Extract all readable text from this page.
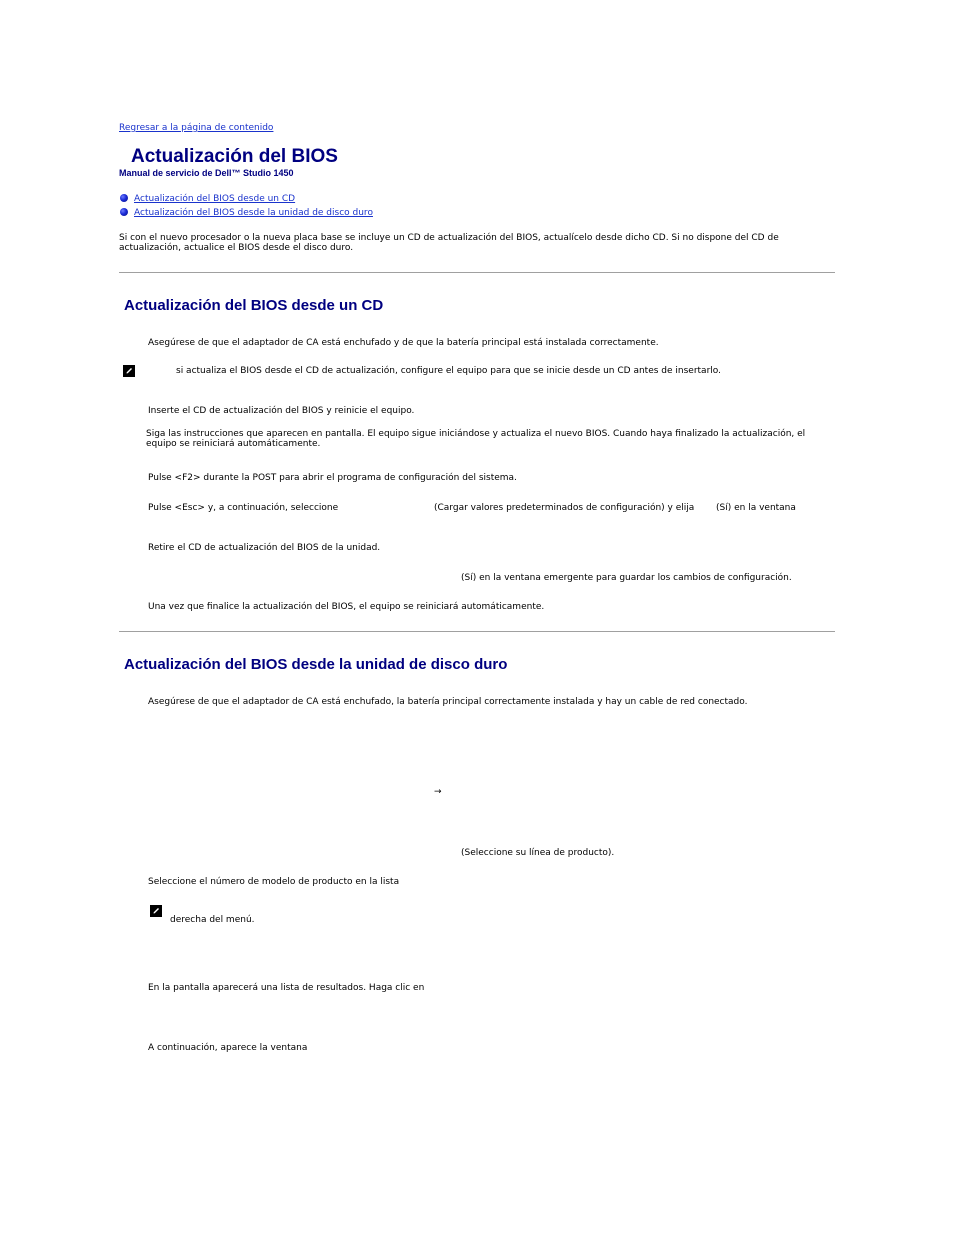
Regresar a la página de contenido
Actualización del BIOS
Manual de servicio de Dell™ Studio 1450
Actualización del BIOS desde un CD
Actualización del BIOS desde la unidad de disco duro
Si con el nuevo procesador o la nueva placa base se incluye un CD de actualización del BIOS, actualícelo desde dicho CD. Si no dispone del CD de actualización, actualice el BIOS desde el disco duro.
Actualización del BIOS desde un CD
Asegúrese de que el adaptador de CA está enchufado y de que la batería principal está instalada correctamente.
si actualiza el BIOS desde el CD de actualización, configure el equipo para que se inicie desde un CD antes de insertarlo.
Inserte el CD de actualización del BIOS y reinicie el equipo.
Siga las instrucciones que aparecen en pantalla. El equipo sigue iniciándose y actualiza el nuevo BIOS. Cuando haya finalizado la actualización, el equipo se reiniciará automáticamente.
Pulse <F2> durante la POST para abrir el programa de configuración del sistema.
Pulse <Esc> y, a continuación, seleccione	(Cargar valores predeterminados de configuración) y elija (Sí) en la ventana
Retire el CD de actualización del BIOS de la unidad.
(Sí) en la ventana emergente para guardar los cambios de configuración.
Una vez que finalice la actualización del BIOS, el equipo se reiniciará automáticamente.
Actualización del BIOS desde la unidad de disco duro
Asegúrese de que el adaptador de CA está enchufado, la batería principal correctamente instalada y hay un cable de red conectado.
→
(Seleccione su línea de producto).
Seleccione el número de modelo de producto en la lista
derecha del menú.
En la pantalla aparecerá una lista de resultados. Haga clic en
A continuación, aparece la ventana
